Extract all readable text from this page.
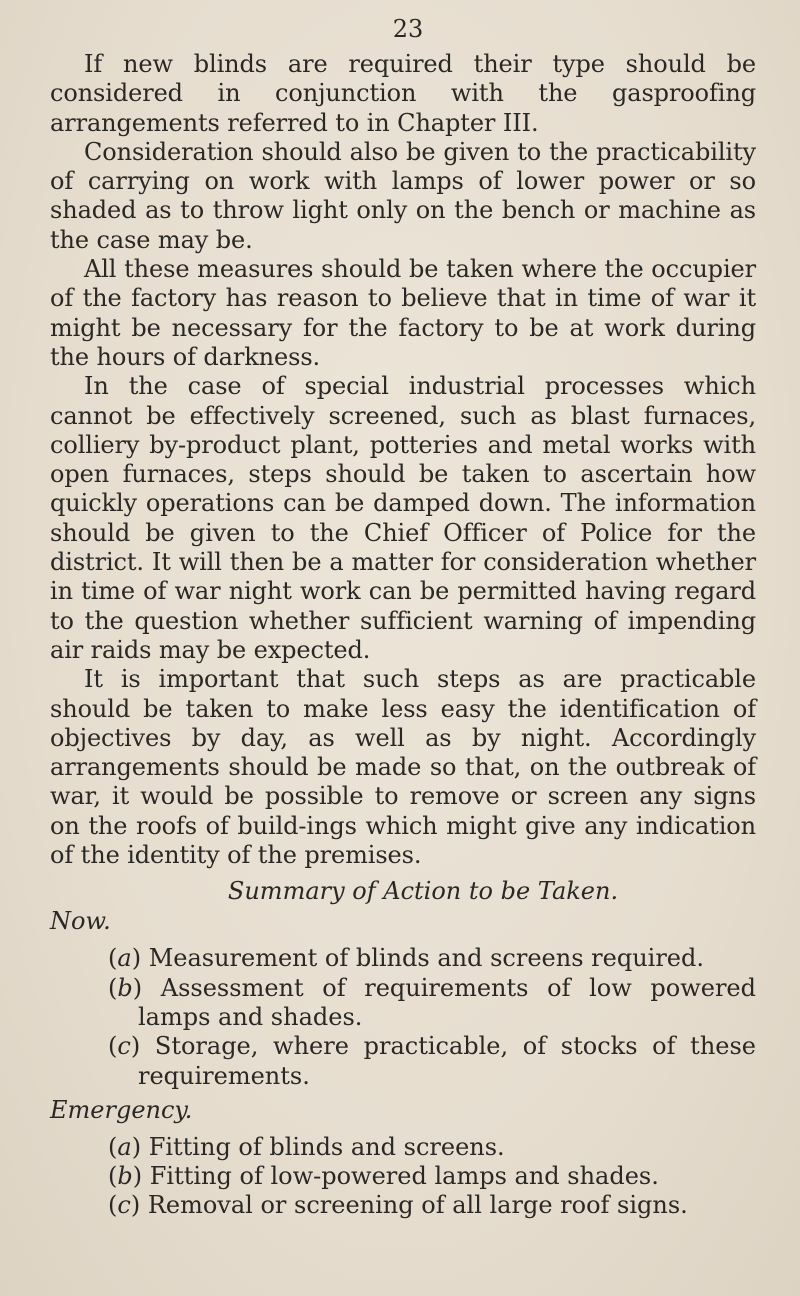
23

If new blinds are required their type should be considered in conjunction with the gasproofing arrangements referred to in Chapter III.

Consideration should also be given to the practicability of carrying on work with lamps of lower power or so shaded as to throw light only on the bench or machine as the case may be.

All these measures should be taken where the occupier of the factory has reason to believe that in time of war it might be necessary for the factory to be at work during the hours of darkness.

In the case of special industrial processes which cannot be effectively screened, such as blast furnaces, colliery by-product plant, potteries and metal works with open furnaces, steps should be taken to ascertain how quickly operations can be damped down. The information should be given to the Chief Officer of Police for the district. It will then be a matter for consideration whether in time of war night work can be permitted having regard to the question whether sufficient warning of impending air raids may be expected.

It is important that such steps as are practicable should be taken to make less easy the identification of objectives by day, as well as by night. Accordingly arrangements should be made so that, on the outbreak of war, it would be possible to remove or screen any signs on the roofs of build-ings which might give any indication of the identity of the premises.

Summary of Action to be Taken.
Now.

(a) Measurement of blinds and screens required.

(b) Assessment of requirements of low powered lamps and shades.

(c) Storage, where practicable, of stocks of these requirements.

Emergency.

(a) Fitting of blinds and screens.

(b) Fitting of low-powered lamps and shades.

(c) Removal or screening of all large roof signs.
